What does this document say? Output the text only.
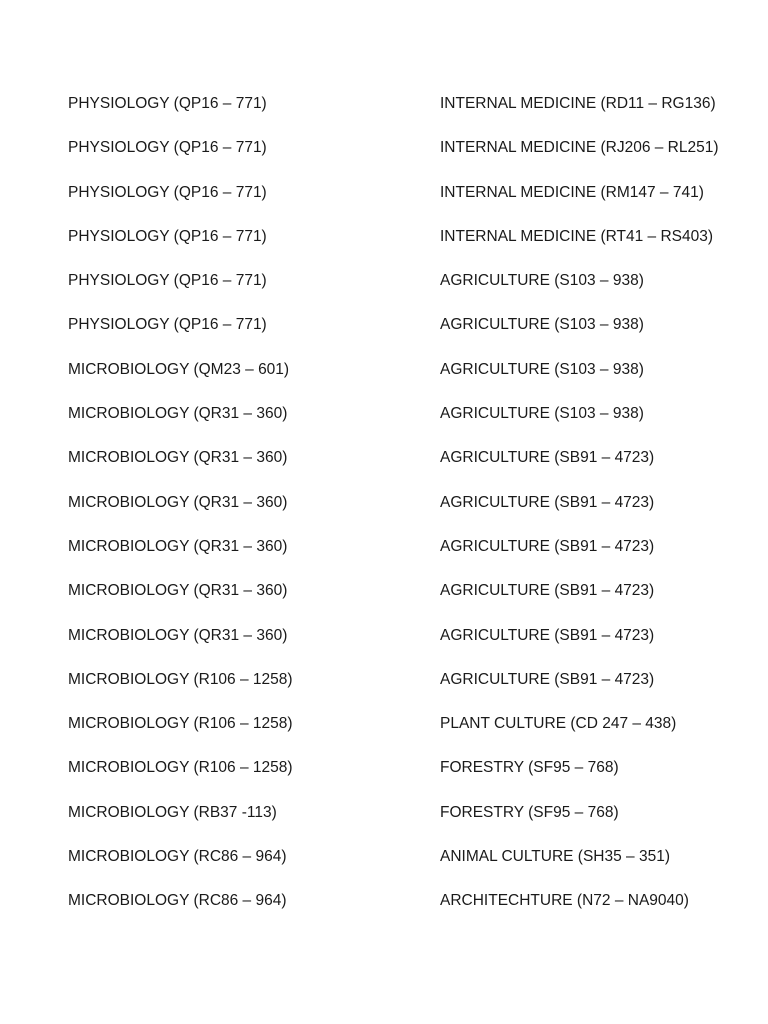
PHYSIOLOGY (QP16 – 771)
PHYSIOLOGY (QP16 – 771)
PHYSIOLOGY (QP16 – 771)
PHYSIOLOGY (QP16 – 771)
PHYSIOLOGY (QP16 – 771)
PHYSIOLOGY (QP16 – 771)
MICROBIOLOGY (QM23 – 601)
MICROBIOLOGY (QR31 – 360)
MICROBIOLOGY (QR31 – 360)
MICROBIOLOGY (QR31 – 360)
MICROBIOLOGY (QR31 – 360)
MICROBIOLOGY (QR31 – 360)
MICROBIOLOGY (QR31 – 360)
MICROBIOLOGY (R106 – 1258)
MICROBIOLOGY (R106 – 1258)
MICROBIOLOGY (R106 – 1258)
MICROBIOLOGY (RB37 -113)
MICROBIOLOGY (RC86 – 964)
MICROBIOLOGY (RC86 – 964)
INTERNAL MEDICINE (RD11 – RG136)
INTERNAL MEDICINE (RJ206 – RL251)
INTERNAL MEDICINE (RM147 – 741)
INTERNAL MEDICINE (RT41 – RS403)
AGRICULTURE (S103 – 938)
AGRICULTURE (S103 – 938)
AGRICULTURE (S103 – 938)
AGRICULTURE (S103 – 938)
AGRICULTURE (SB91 – 4723)
AGRICULTURE (SB91 – 4723)
AGRICULTURE (SB91 – 4723)
AGRICULTURE (SB91 – 4723)
AGRICULTURE (SB91 – 4723)
AGRICULTURE (SB91 – 4723)
PLANT CULTURE (CD 247 – 438)
FORESTRY (SF95 – 768)
FORESTRY (SF95 – 768)
ANIMAL CULTURE (SH35 – 351)
ARCHITECHTURE (N72 – NA9040)
